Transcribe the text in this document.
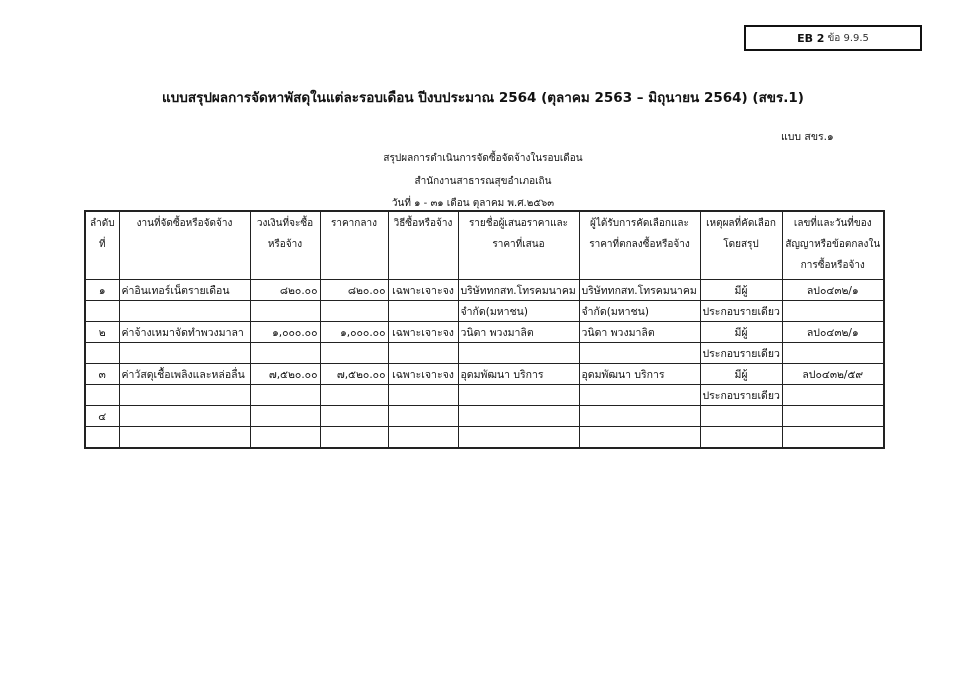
EB 2 ข้อ 9.9.5
แบบสรุปผลการจัดหาพัสดุในแต่ละรอบเดือน ปีงบประมาณ 2564 (ตุลาคม 2563 – มิถุนายน 2564) (สขร.1)
แบบ สขร.๑
สรุปผลการดำเนินการจัดซื้อจัดจ้างในรอบเดือน
สำนักงานสาธารณสุขอำเภอเถิน
วันที่ ๑ - ๓๑ เดือน ตุลาคม พ.ศ.๒๕๖๓
ลำดับที่	งานที่จัดซื้อหรือจัดจ้าง	วงเงินที่จะซื้อหรือจ้าง	ราคากลาง	วิธีซื้อหรือจ้าง	รายชื่อผู้เสนอราคาและราคาที่เสนอ	ผู้ได้รับการคัดเลือกและราคาที่ตกลงซื้อหรือจ้าง	เหตุผลที่คัดเลือกโดยสรุป	เลขที่และวันที่ของสัญญาหรือข้อตกลงในการซื้อหรือจ้าง
๑	ค่าอินเทอร์เน็ตรายเดือน	๘๒๐.๐๐	๘๒๐.๐๐	เฉพาะเจาะจง	บริษัททกสท.โทรคมนาคม	บริษัททกสท.โทรคมนาคม	มีผู้	ลป๐๔๓๒/๑
					จำกัด(มหาชน)	จำกัด(มหาชน)	ประกอบรายเดียว	
๒	ค่าจ้างเหมาจัดทำพวงมาลา	๑,๐๐๐.๐๐	๑,๐๐๐.๐๐	เฉพาะเจาะจง	วนิดา พวงมาลิต	วนิดา พวงมาลิต	มีผู้	ลป๐๔๓๒/๑
							ประกอบรายเดียว	
๓	ค่าวัสดุเชื้อเพลิงและหล่อลื่น	๗,๕๒๐.๐๐	๗,๕๒๐.๐๐	เฉพาะเจาะจง	อุดมพัฒนา บริการ	อุดมพัฒนา บริการ	มีผู้	ลป๐๔๓๒/๕๙
							ประกอบรายเดียว	
๔								
